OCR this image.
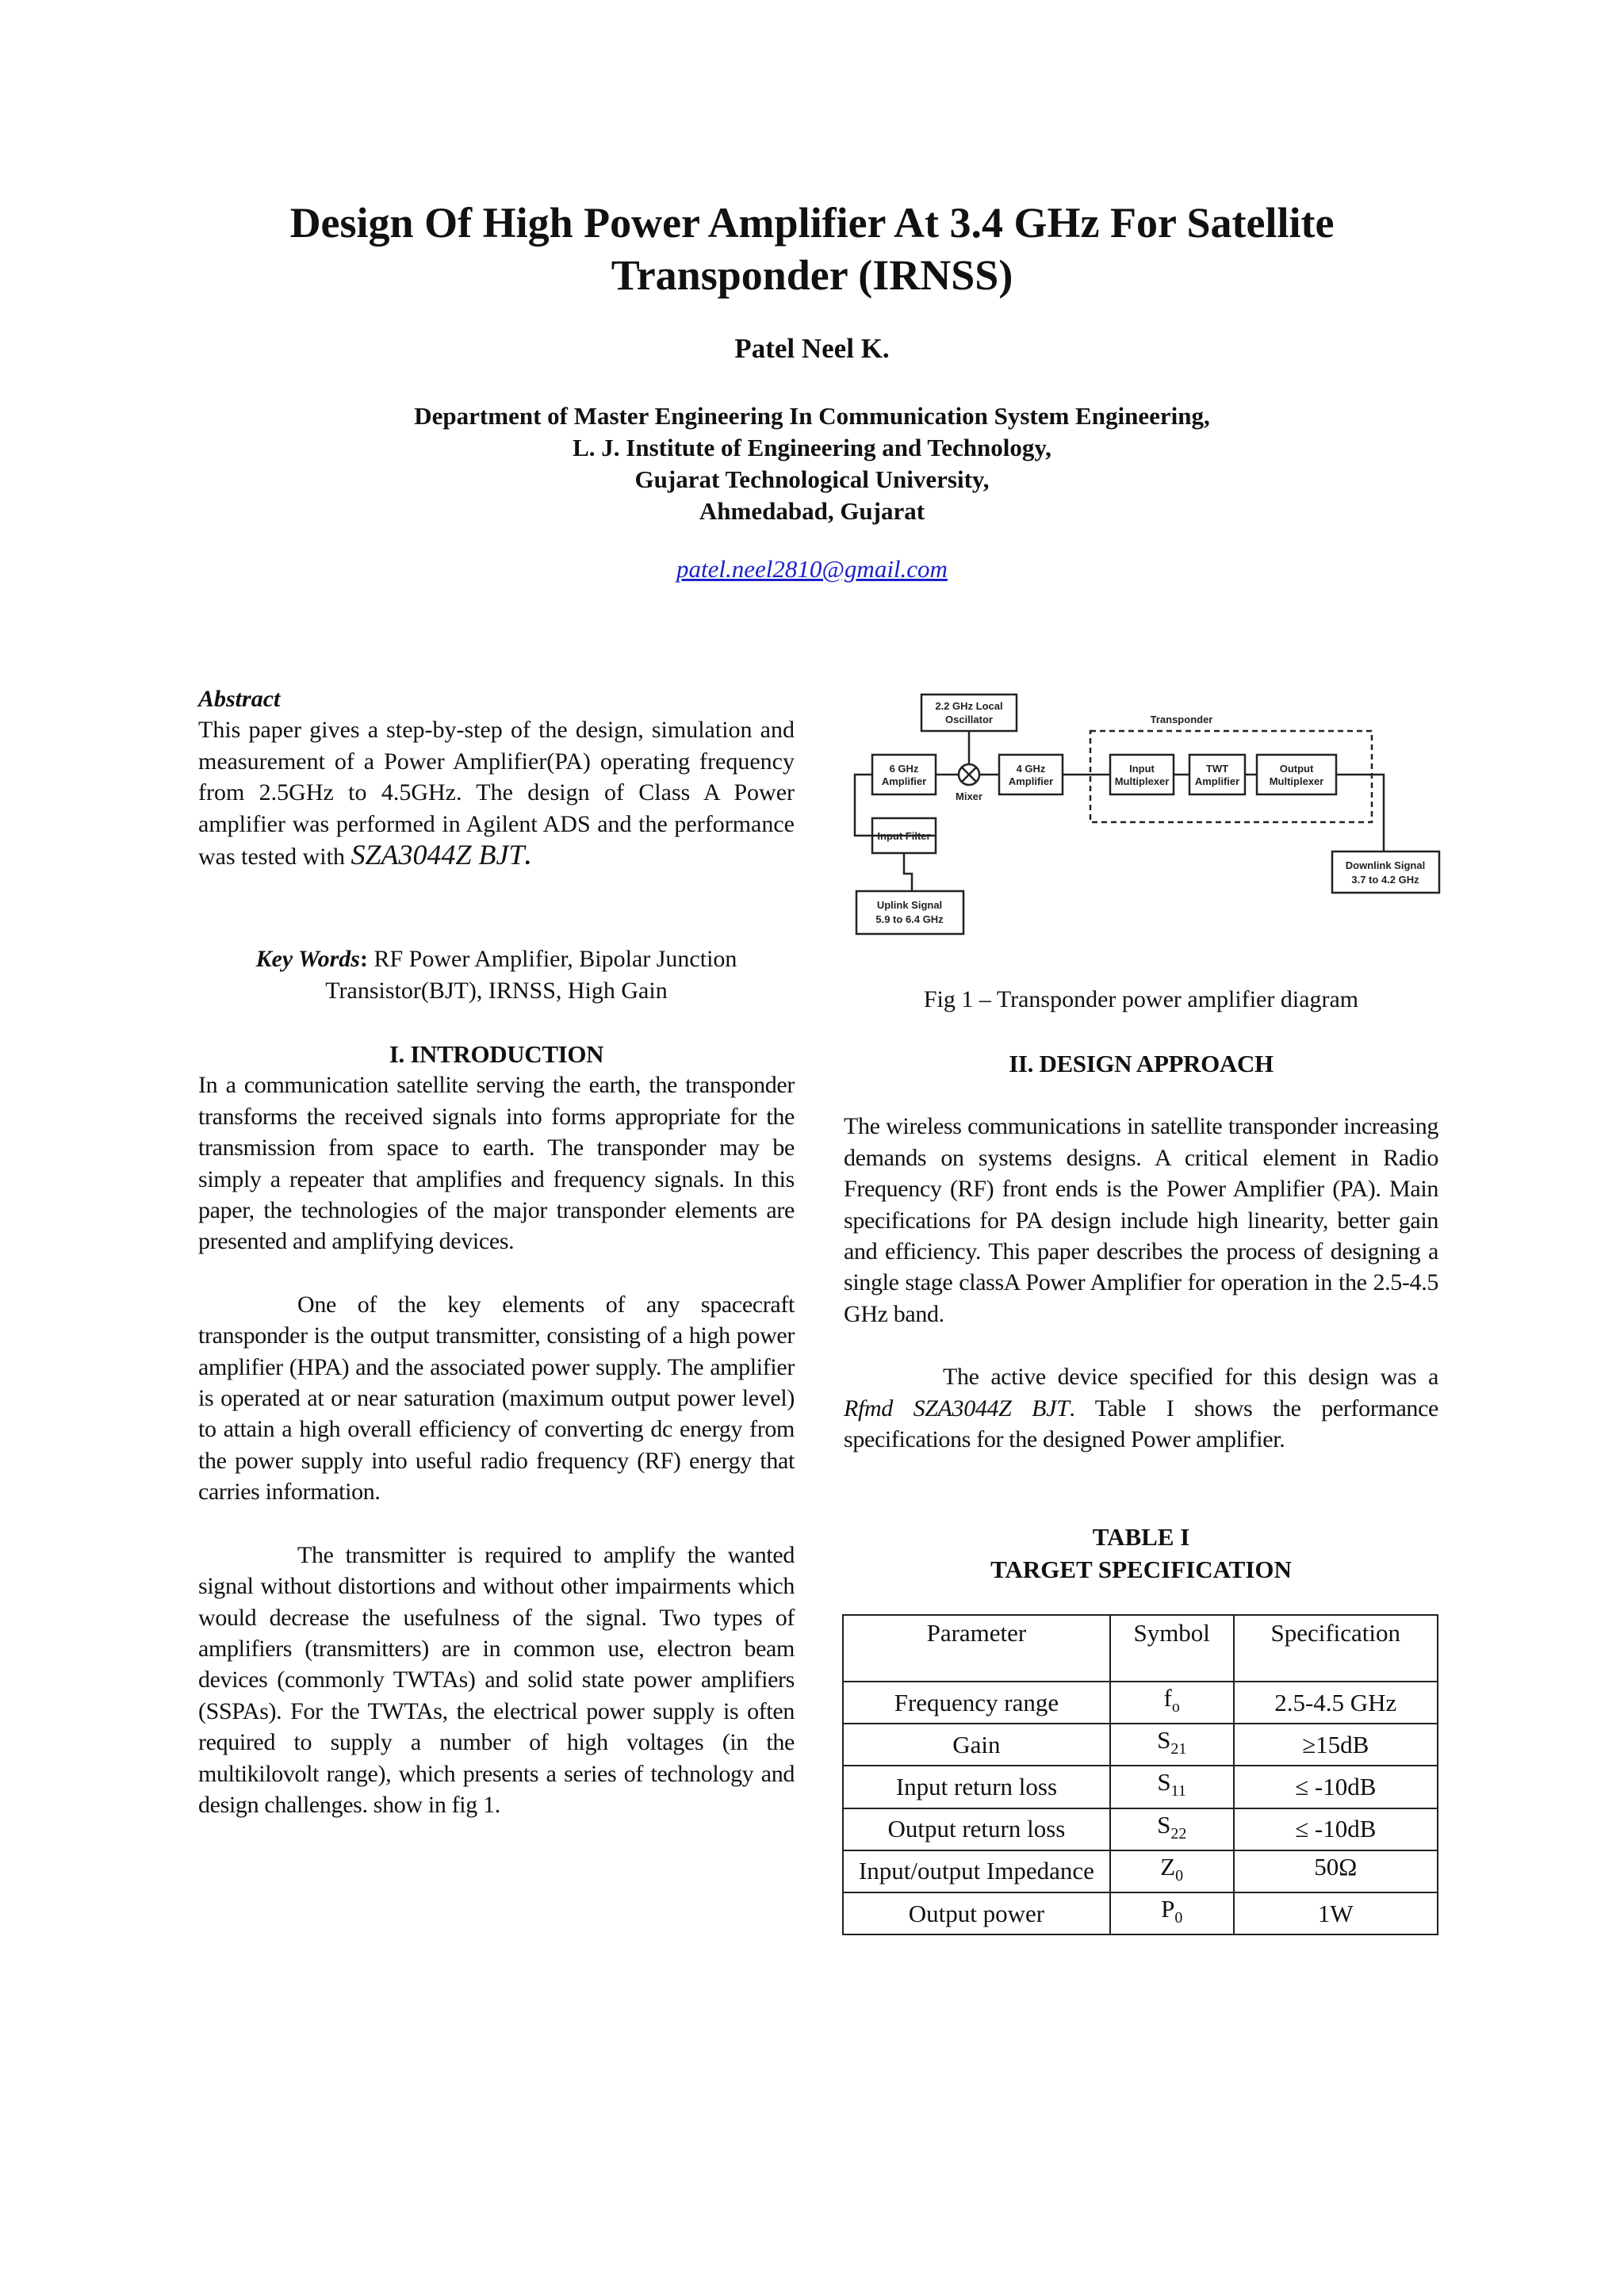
Design Of High Power Amplifier At 3.4 GHz For Satellite
Transponder (IRNSS)
Patel Neel K.
Department of Master Engineering In Communication System Engineering,
L. J. Institute of Engineering and Technology,
Gujarat Technological University,
Ahmedabad, Gujarat
patel.neel2810@gmail.com
Abstract

This paper gives a step-by-step of the design, simulation and measurement of a Power Amplifier(PA) operating frequency from 2.5GHz to 4.5GHz. The design of Class A Power amplifier was performed in Agilent ADS and the performance was tested with SZA3044Z BJT.

Key Words: RF Power Amplifier, Bipolar Junction
Transistor(BJT), IRNSS, High Gain
I. INTRODUCTION

In a communication satellite serving the earth, the transponder transforms the received signals into forms appropriate for the transmission from space to earth. The transponder may be simply a repeater that amplifies and frequency signals. In this paper, the technologies of the major transponder elements are presented and amplifying devices.

One of the key elements of any spacecraft transponder is the output transmitter, consisting of a high power amplifier (HPA) and the associated power supply. The amplifier is operated at or near saturation (maximum output power level) to attain a high overall efficiency of converting dc energy from the power supply into useful radio frequency (RF) energy that carries information.

The transmitter is required to amplify the wanted signal without distortions and without other impairments which would decrease the usefulness of the signal. Two types of amplifiers (transmitters) are in common use, electron beam devices (commonly TWTAs) and solid state power amplifiers (SSPAs). For the TWTAs, the electrical power supply is often required to supply a number of high voltages (in the multikilovolt range), which presents a series of technology and design challenges. show in fig 1.

2.2 GHz Local
Oscillator	Transponder
6 GHz
Amplifier
4 GHz
Amplifier
Mixer
Input
Multiplexer
TWT
Amplifier
Output
Multiplexer
Input Filter
Uplink Signal
5.9 to 6.4 GHz
Downlink Signal
3.7 to 4.2 GHz
Fig 1 – Transponder power amplifier diagram
II. DESIGN APPROACH

The wireless communications in satellite transponder increasing demands on systems designs. A critical element in Radio Frequency (RF) front ends is the Power Amplifier (PA). Main specifications for PA design include high linearity, better gain and efficiency. This paper describes the process of designing a single stage classA Power Amplifier for operation in the 2.5-4.5 GHz band.

The active device specified for this design was a Rfmd SZA3044Z BJT. Table I shows the performance specifications for the designed Power amplifier.

TABLE I
TARGET SPECIFICATION
Parameter	Symbol	Specification
Frequency range	$f_o$	2.5-4.5 GHz
Gain	$S_{21}$	≥15dB
Input return loss	$S_{11}$	≤ -10dB
Output return loss	$S_{22}$	≤ -10dB
Input/output Impedance	$Z_0$	50Ω
Output power	$P_0$	1W
